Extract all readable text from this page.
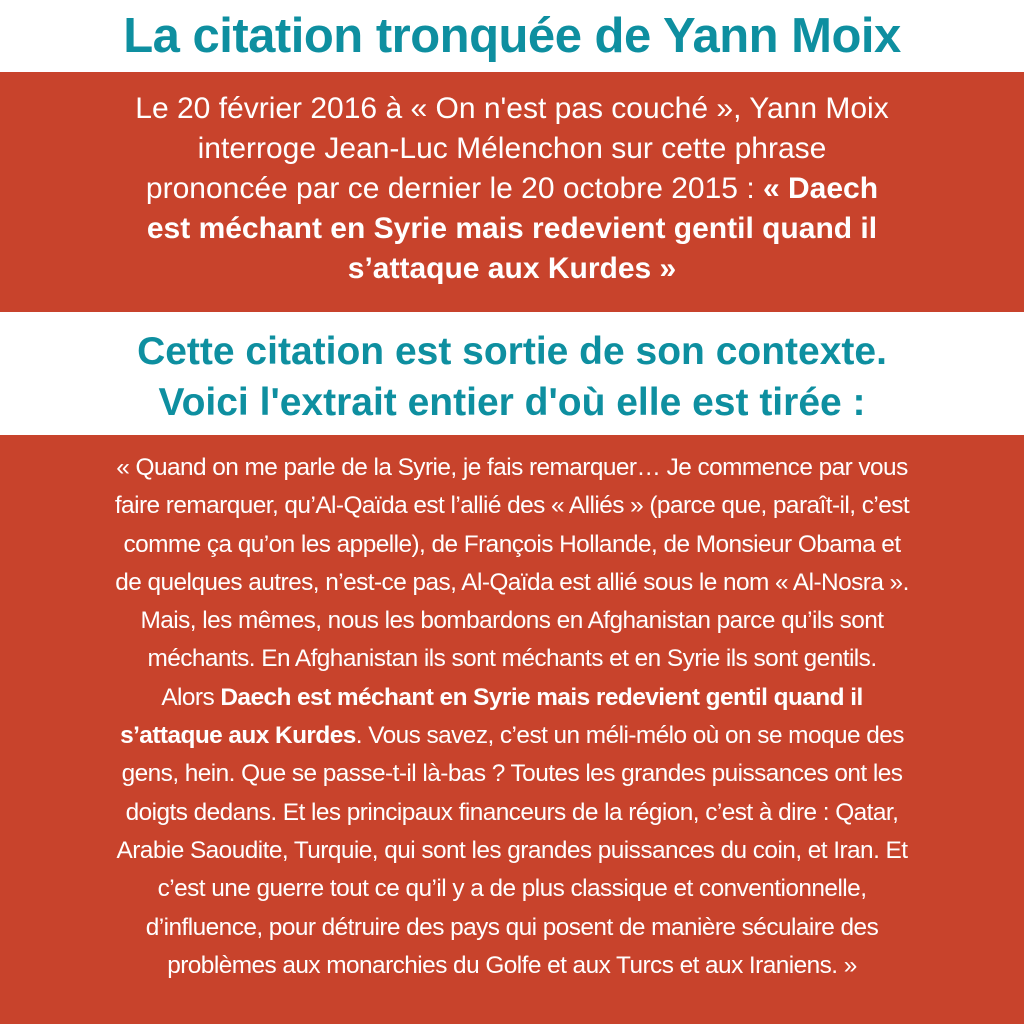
La citation tronquée de Yann Moix
Le 20 février 2016 à « On n'est pas couché », Yann Moix
interroge Jean-Luc Mélenchon sur cette phrase
prononcée par ce dernier le 20 octobre 2015 : « Daech
est méchant en Syrie mais redevient gentil quand il
s’attaque aux Kurdes »
Cette citation est sortie de son contexte.
Voici l'extrait entier d'où elle est tirée :
« Quand on me parle de la Syrie, je fais remarquer… Je commence par vous
faire remarquer, qu’Al-Qaïda est l’allié des « Alliés » (parce que, paraît-il, c’est
comme ça qu’on les appelle), de François Hollande, de Monsieur Obama et
de quelques autres, n’est-ce pas, Al-Qaïda est allié sous le nom « Al-Nosra ».
Mais, les mêmes, nous les bombardons en Afghanistan parce qu’ils sont
méchants. En Afghanistan ils sont méchants et en Syrie ils sont gentils.
Alors Daech est méchant en Syrie mais redevient gentil quand il
s’attaque aux Kurdes. Vous savez, c’est un méli-mélo où on se moque des
gens, hein. Que se passe-t-il là-bas ? Toutes les grandes puissances ont les
doigts dedans. Et les principaux financeurs de la région, c’est à dire : Qatar,
Arabie Saoudite, Turquie, qui sont les grandes puissances du coin, et Iran. Et
c’est une guerre tout ce qu’il y a de plus classique et conventionnelle,
d’influence, pour détruire des pays qui posent de manière séculaire des
problèmes aux monarchies du Golfe et aux Turcs et aux Iraniens. »
